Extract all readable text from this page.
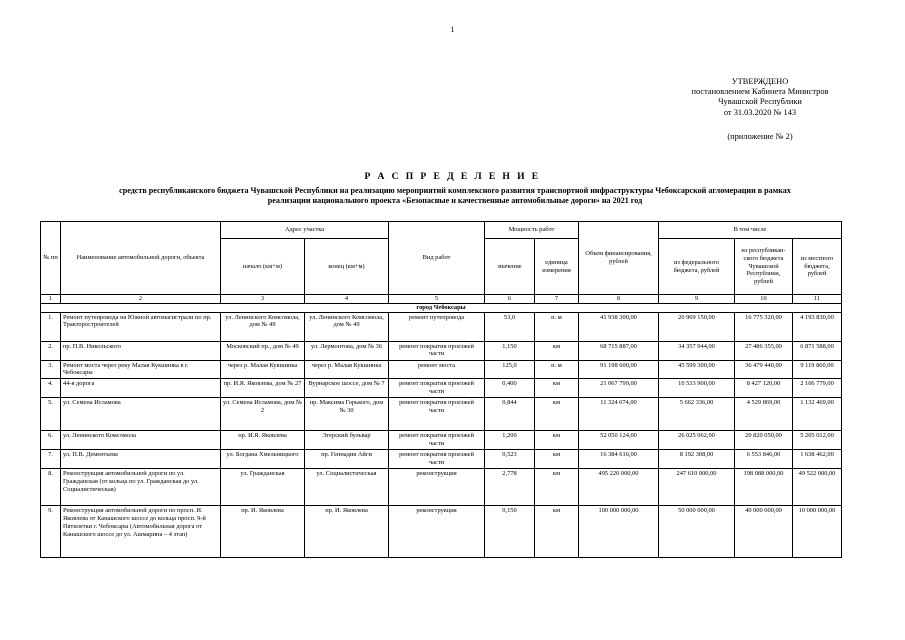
1
УТВЕРЖДЕНО
постановлением Кабинета Министров
Чувашской Республики
от 31.03.2020 № 143
(приложение № 2)
Р А С П Р Е Д Е Л Е Н И Е
средств республиканского бюджета Чувашской Республики на реализацию мероприятий комплексного развития транспортной инфраструктуры Чебоксарской агломерации в рамках
реализации национального проекта «Безопасные и качественные автомобильные дороги» на 2021 год
№ пп	Наименование автомобильной дороги, объекта	Адрес участка		Вид работ	Мощность работ		Объем финансирования, рублей	В том числе		
		начало (км+м)	конец (км+м)		значение	единица измерения		из федерального бюджета, рублей	из республикан-ского бюджета Чувашской Республики, рублей	из местного бюджета, рублей
1	2	3	4	5	6	7	8	9	10	11
город Чебоксары										
1.	Ремонт путепровода на Южной автомагистрали по пр. Тракторостроителей	ул. Ленинского Комсомола, дом № 49	ул. Ленинского Комсомола, дом № 49	ремонт путепровода	53,0	п. м	41 938 300,00	20 969 150,00	16 775 320,00	4 193 830,00
2.	пр. П.В. Никольского	Московский пр., дом № 49	ул. Лермонтова, дом № 36	ремонт покрытия проезжей части	1,150	км	68 715 887,00	34 357 944,00	27 486 355,00	6 871 588,00
3.	Ремонт моста через реку Малая Кукшинка в г. Чебоксары	через р. Малая Кукшинка	через р. Малая Кукшинка	ремонт моста	125,0	п. м	91 198 600,00	45 599 300,00	36 479 440,00	9 119 860,00
4.	44-я дорога	пр. И.Я. Яковлева, дом № 27	Вурнарское шоссе, дом № 7	ремонт покрытия проезжей части	0,400	км	21 067 799,00	10 533 900,00	8 427 120,00	2 106 779,00
5.	ул. Семена Исламова	ул. Семена Исламова, дом № 2	пр. Максима Горького, дом № 30	ремонт покрытия проезжей части	0,844	км	11 324 674,00	5 662 336,00	4 529 869,00	1 132 469,00
6.	ул. Ленинского Комсомола	пр. И.Я. Яковлева	Эгерский бульвар	ремонт покрытия проезжей части	1,200	км	52 050 124,00	26 025 062,00	20 820 050,00	5 205 012,00
7.	ул. П.В. Дементьева	ул. Богдана Хмельницкого	пр. Геннадия Айги	ремонт покрытия проезжей части	0,523	км	16 384 616,00	8 192 308,00	6 553 846,00	1 638 462,00
8.	Реконструкция автомобильной дороги по ул. Гражданская (от кольца по ул. Гражданская до ул. Социалистическая)	ул. Гражданская	ул. Социалистическая	реконструкция	2,778	км	495 220 000,00	247 610 000,00	198 088 000,00	49 522 000,00
9.	Реконструкция автомобильной дороги по просп. И. Яковлева от Канашского шоссе до кольца просп. 9-й Пятилетки г. Чебоксары (Автомобильная дорога от Канашского шоссе до ул. Ашмарина – 4 этап)	пр. И. Яковлева	пр. И. Яковлева	реконструкция	0,150	км	100 000 000,00	50 000 000,00	40 000 000,00	10 000 000,00
